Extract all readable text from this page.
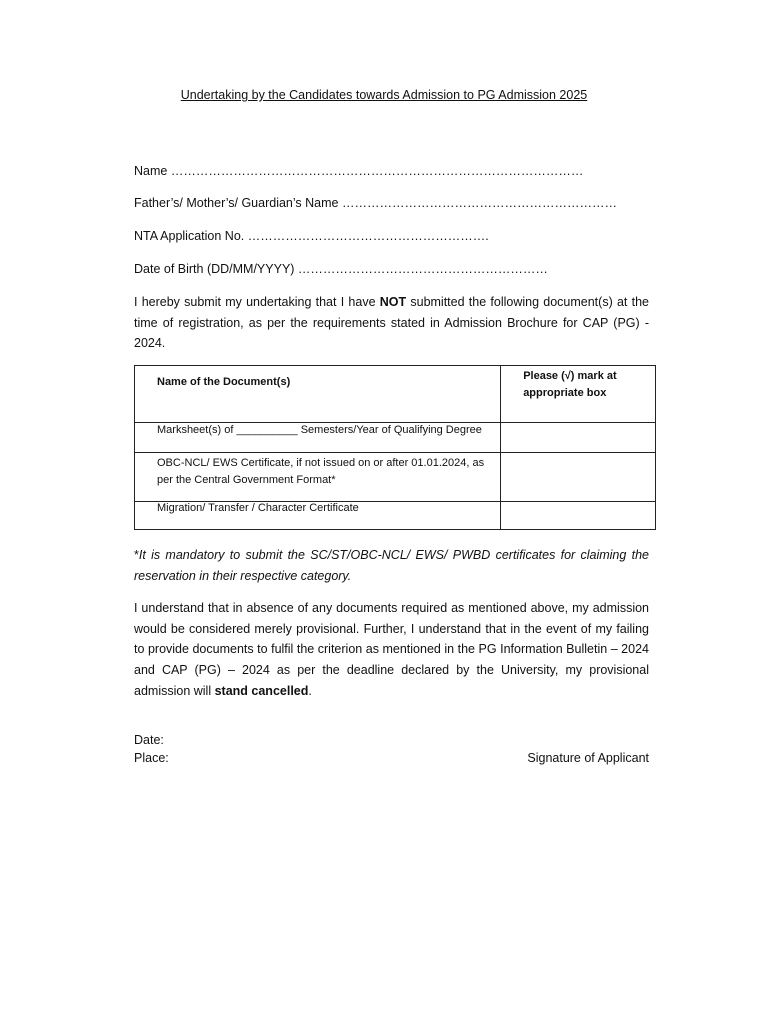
Undertaking by the Candidates towards Admission to PG Admission 2025
Name ………………………………………………………………………………………
Father’s/ Mother’s/ Guardian’s Name …………………………………………………………
NTA Application No. ………………………………………………….
Date of Birth (DD/MM/YYYY) ……………………………………………………
I hereby submit my undertaking that I have NOT submitted the following document(s) at the time of registration, as per the requirements stated in Admission Brochure for CAP (PG) - 2024.
Name of the Document(s)	Please (√) mark at appropriate box
Marksheet(s) of __________ Semesters/Year of Qualifying Degree	
OBC-NCL/ EWS Certificate, if not issued on or after 01.01.2024, as per the Central Government Format*	
Migration/ Transfer / Character Certificate	
*It is mandatory to submit the SC/ST/OBC-NCL/ EWS/ PWBD certificates for claiming the reservation in their respective category.
I understand that in absence of any documents required as mentioned above, my admission would be considered merely provisional. Further, I understand that in the event of my failing to provide documents to fulfil the criterion as mentioned in the PG Information Bulletin – 2024 and CAP (PG) – 2024 as per the deadline declared by the University, my provisional admission will stand cancelled.
Date:
Place:	Signature of Applicant
